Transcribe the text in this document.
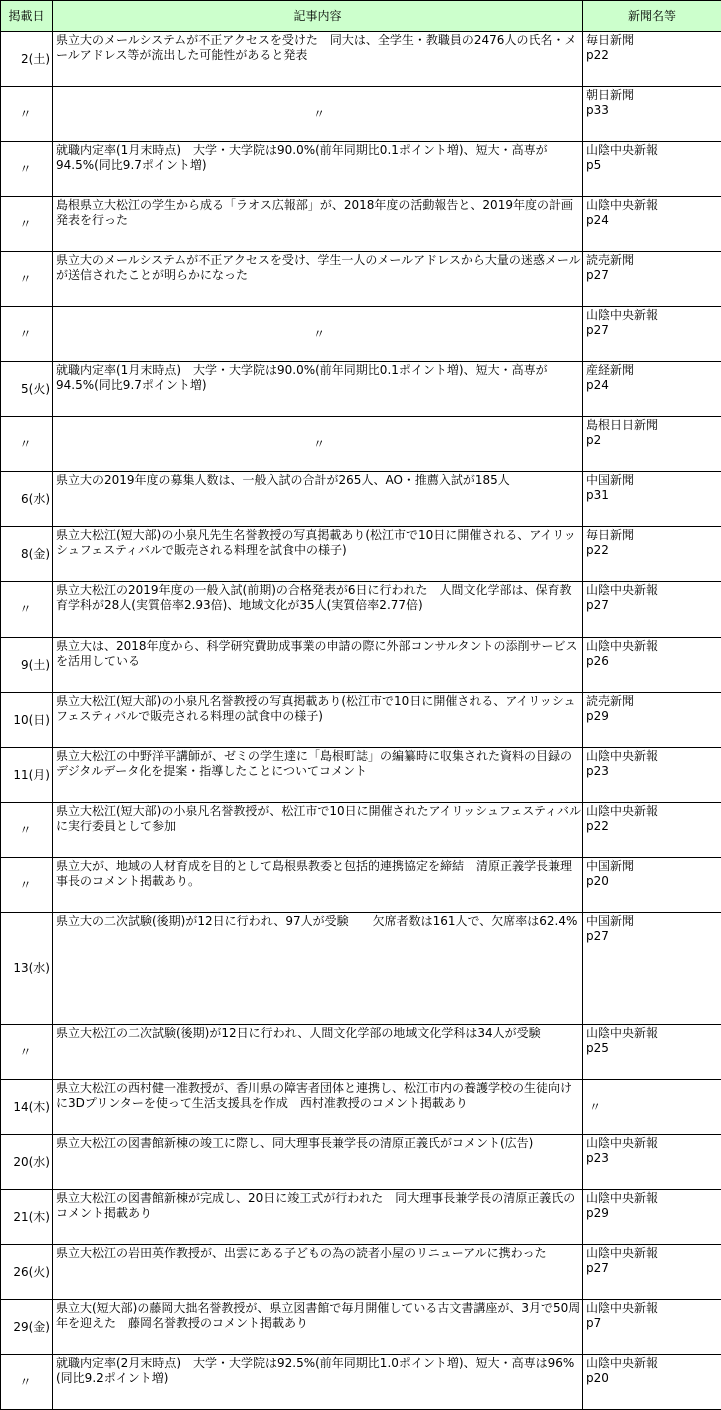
掲載日	記事内容	新聞名等
2(土)	県立大のメールシステムが不正アクセスを受けた　同大は、全学生・教職員の2476人の氏名・メールアドレス等が流出した可能性があると発表	毎日新聞
p22

〃	〃	朝日新聞
p33

〃	就職内定率(1月末時点)　大学・大学院は90.0%(前年同期比0.1ポイント増)、短大・高専が94.5%(同比9.7ポイント増)	山陰中央新報
p5

〃	島根県立大松江の学生から成る「ラオス広報部」が、2018年度の活動報告と、2019年度の計画発表を行った	山陰中央新報
p24

〃	県立大のメールシステムが不正アクセスを受け、学生一人のメールアドレスから大量の迷惑メールが送信されたことが明らかになった	読売新聞
p27

〃	〃	山陰中央新報
p27

5(火)	就職内定率(1月末時点)　大学・大学院は90.0%(前年同期比0.1ポイント増)、短大・高専が94.5%(同比9.7ポイント増)	産経新聞
p24

〃	〃	島根日日新聞
p2

6(水)	県立大の2019年度の募集人数は、一般入試の合計が265人、AO・推薦入試が185人	中国新聞
p31

8(金)	県立大松江(短大部)の小泉凡先生名誉教授の写真掲載あり(松江市で10日に開催される、アイリッシュフェスティバルで販売される料理を試食中の様子)	毎日新聞
p22

〃	県立大松江の2019年度の一般入試(前期)の合格発表が6日に行われた　人間文化学部は、保育教育学科が28人(実質倍率2.93倍)、地域文化が35人(実質倍率2.77倍)	山陰中央新報
p27

9(土)	県立大は、2018年度から、科学研究費助成事業の申請の際に外部コンサルタントの添削サービスを活用している	山陰中央新報
p26

10(日)	県立大松江(短大部)の小泉凡名誉教授の写真掲載あり(松江市で10日に開催される、アイリッシュフェスティバルで販売される料理の試食中の様子)	読売新聞
p29

11(月)	県立大松江の中野洋平講師が、ゼミの学生達に「島根町誌」の編纂時に収集された資料の目録のデジタルデータ化を提案・指導したことについてコメント	山陰中央新報
p23

〃	県立大松江(短大部)の小泉凡名誉教授が、松江市で10日に開催されたアイリッシュフェスティバルに実行委員として参加	山陰中央新報
p22

〃	県立大が、地域の人材育成を目的として島根県教委と包括的連携協定を締結　清原正義学長兼理事長のコメント掲載あり。	中国新聞
p20

13(水)	県立大の二次試験(後期)が12日に行われ、97人が受験　　欠席者数は161人で、欠席率は62.4%	中国新聞
p27

〃	県立大松江の二次試験(後期)が12日に行われ、人間文化学部の地域文化学科は34人が受験	山陰中央新報
p25

14(木)	県立大松江の西村健一准教授が、香川県の障害者団体と連携し、松江市内の養護学校の生徒向けに3Dプリンターを使って生活支援具を作成　西村准教授のコメント掲載あり	〃

20(水)	県立大松江の図書館新棟の竣工に際し、同大理事長兼学長の清原正義氏がコメント(広告)	山陰中央新報
p23

21(木)	県立大松江の図書館新棟が完成し、20日に竣工式が行われた　同大理事長兼学長の清原正義氏のコメント掲載あり	山陰中央新報
p29

26(火)	県立大松江の岩田英作教授が、出雲にある子どもの為の読者小屋のリニューアルに携わった	山陰中央新報
p27

29(金)	県立大(短大部)の藤岡大拙名誉教授が、県立図書館で毎月開催している古文書講座が、3月で50周年を迎えた　藤岡名誉教授のコメント掲載あり	山陰中央新報
p7

〃	就職内定率(2月末時点)　大学・大学院は92.5%(前年同期比1.0ポイント増)、短大・高専は96%(同比9.2ポイント増)	山陰中央新報
p20
